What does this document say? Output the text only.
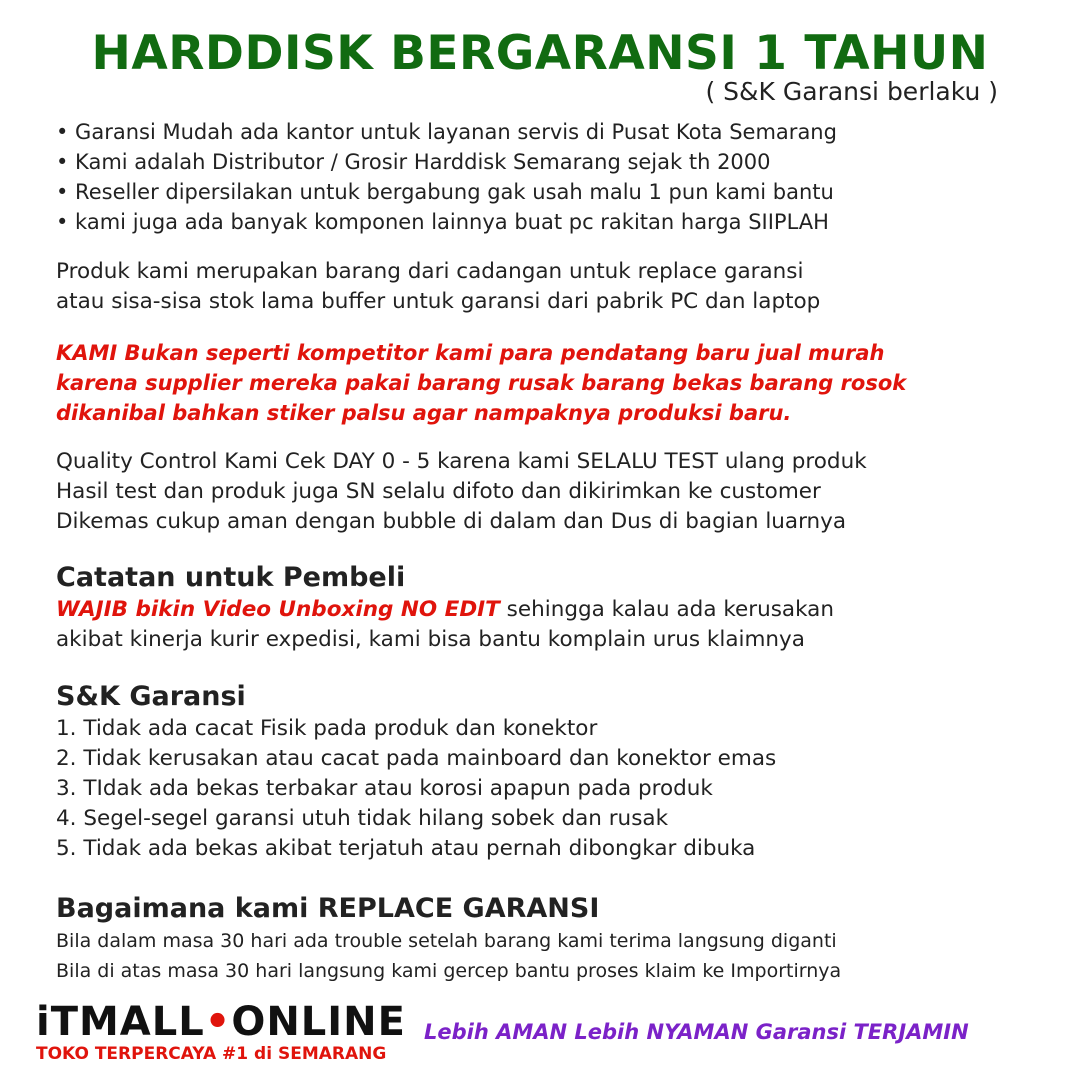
HARDDISK BERGARANSI 1 TAHUN
( S&K Garansi berlaku )
• Garansi Mudah ada kantor untuk layanan servis di Pusat Kota Semarang
• Kami adalah Distributor / Grosir Harddisk Semarang sejak th 2000
• Reseller dipersilakan untuk bergabung gak usah malu 1 pun kami bantu
• kami juga ada banyak komponen lainnya buat pc rakitan harga SIIPLAH
Produk kami merupakan barang dari cadangan untuk replace garansi
atau sisa-sisa stok lama buffer untuk garansi dari pabrik PC dan laptop
KAMI Bukan seperti kompetitor kami para pendatang baru jual murah
karena supplier mereka pakai barang rusak barang bekas barang rosok
dikanibal bahkan stiker palsu agar nampaknya produksi baru.
Quality Control Kami Cek DAY 0 - 5 karena kami SELALU TEST ulang produk
Hasil test dan produk juga SN selalu difoto dan dikirimkan ke customer
Dikemas cukup aman dengan bubble di dalam dan Dus di bagian luarnya
Catatan untuk Pembeli
WAJIB bikin Video Unboxing NO EDIT sehingga kalau ada kerusakan
akibat kinerja kurir expedisi, kami bisa bantu komplain urus klaimnya
S&K Garansi
1. Tidak ada cacat Fisik pada produk dan konektor
2. Tidak kerusakan atau cacat pada mainboard dan konektor emas
3. TIdak ada bekas terbakar atau korosi apapun pada produk
4. Segel-segel garansi utuh tidak hilang sobek dan rusak
5. Tidak ada bekas akibat terjatuh atau pernah dibongkar dibuka
Bagaimana kami REPLACE GARANSI
Bila dalam masa 30 hari ada trouble setelah barang kami terima langsung diganti
Bila di atas masa 30 hari langsung kami gercep bantu proses klaim ke Importirnya
iTMALL•ONLINE
TOKO TERPERCAYA #1 di SEMARANG
Lebih AMAN Lebih NYAMAN Garansi TERJAMIN
